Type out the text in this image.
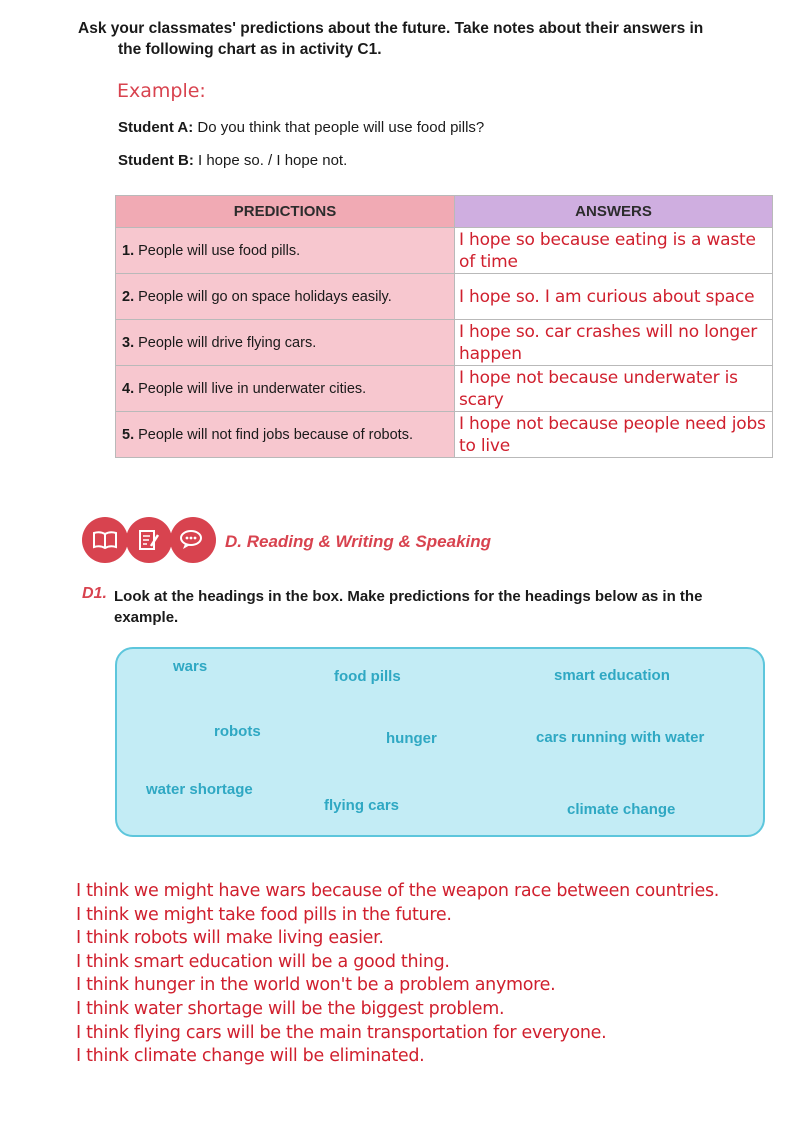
Ask your classmates' predictions about the future. Take notes about their answers in
the following chart as in activity C1.
Example:
Student A: Do you think that people will use food pills?
Student B: I hope so. / I hope not.
PREDICTIONS	ANSWERS
1. People will use food pills.	I hope so because eating is a waste of time
2. People will go on space holidays easily.	I hope so. I am curious about space
3. People will drive flying cars.	I hope so. car crashes will no longer happen
4. People will live in underwater cities.	I hope not because underwater is scary
5. People will not find jobs because of robots.	I hope not because people need jobs to live
D. Reading & Writing & Speaking
D1. Look at the headings in the box. Make predictions for the headings below as in the example.
wars
food pills	smart education
robots	hunger	cars running with water
water shortage
flying cars	climate change
I think we might have wars because of the weapon race between countries.
I think we might take food pills in the future.
I think robots will make living easier.
I think smart education will be a good thing.
I think hunger in the world won't be a problem anymore.
I think water shortage will be the biggest problem.
I think flying cars will be the main transportation for everyone.
I think climate change will be eliminated.
